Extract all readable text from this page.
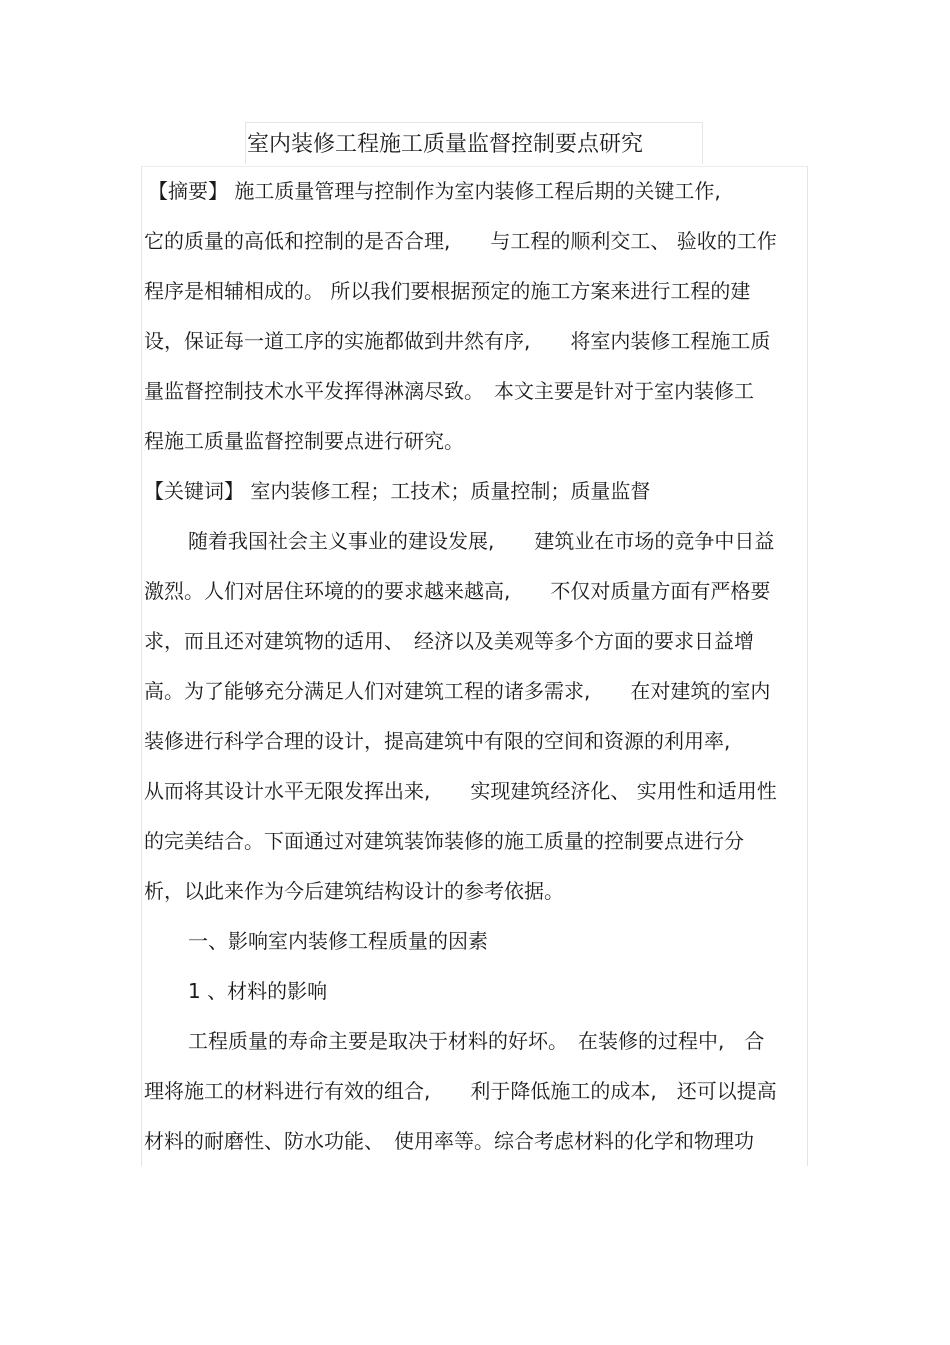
室内装修工程施工质量监督控制要点研究
【摘要】 施工质量管理与控制作为室内装修工程后期的关键工作,
它的质量的高低和控制的是否合理,　　与工程的顺利交工、 验收的工作
程序是相辅相成的。 所以我们要根据预定的施工方案来进行工程的建
设，保证每一道工序的实施都做到井然有序,　　将室内装修工程施工质
量监督控制技术水平发挥得淋漓尽致。　本文主要是针对于室内装修工
程施工质量监督控制要点进行研究。
【关键词】 室内装修工程；工技术；质量控制；质量监督
随着我国社会主义事业的建设发展,　　建筑业在市场的竞争中日益
激烈。人们对居住环境的的要求越来越高,　　不仅对质量方面有严格要
求，而且还对建筑物的适用、　经济以及美观等多个方面的要求日益增
高。为了能够充分满足人们对建筑工程的诸多需求,　　在对建筑的室内
装修进行科学合理的设计，提高建筑中有限的空间和资源的利用率,
从而将其设计水平无限发挥出来,　　实现建筑经济化、 实用性和适用性
的完美结合。下面通过对建筑装饰装修的施工质量的控制要点进行分
析，以此来作为今后建筑结构设计的参考依据。
一、影响室内装修工程质量的因素
1 、材料的影响
工程质量的寿命主要是取决于材料的好坏。　在装修的过程中,　合
理将施工的材料进行有效的组合,　　利于降低施工的成本,　还可以提高
材料的耐磨性、防水功能、　使用率等。综合考虑材料的化学和物理功
